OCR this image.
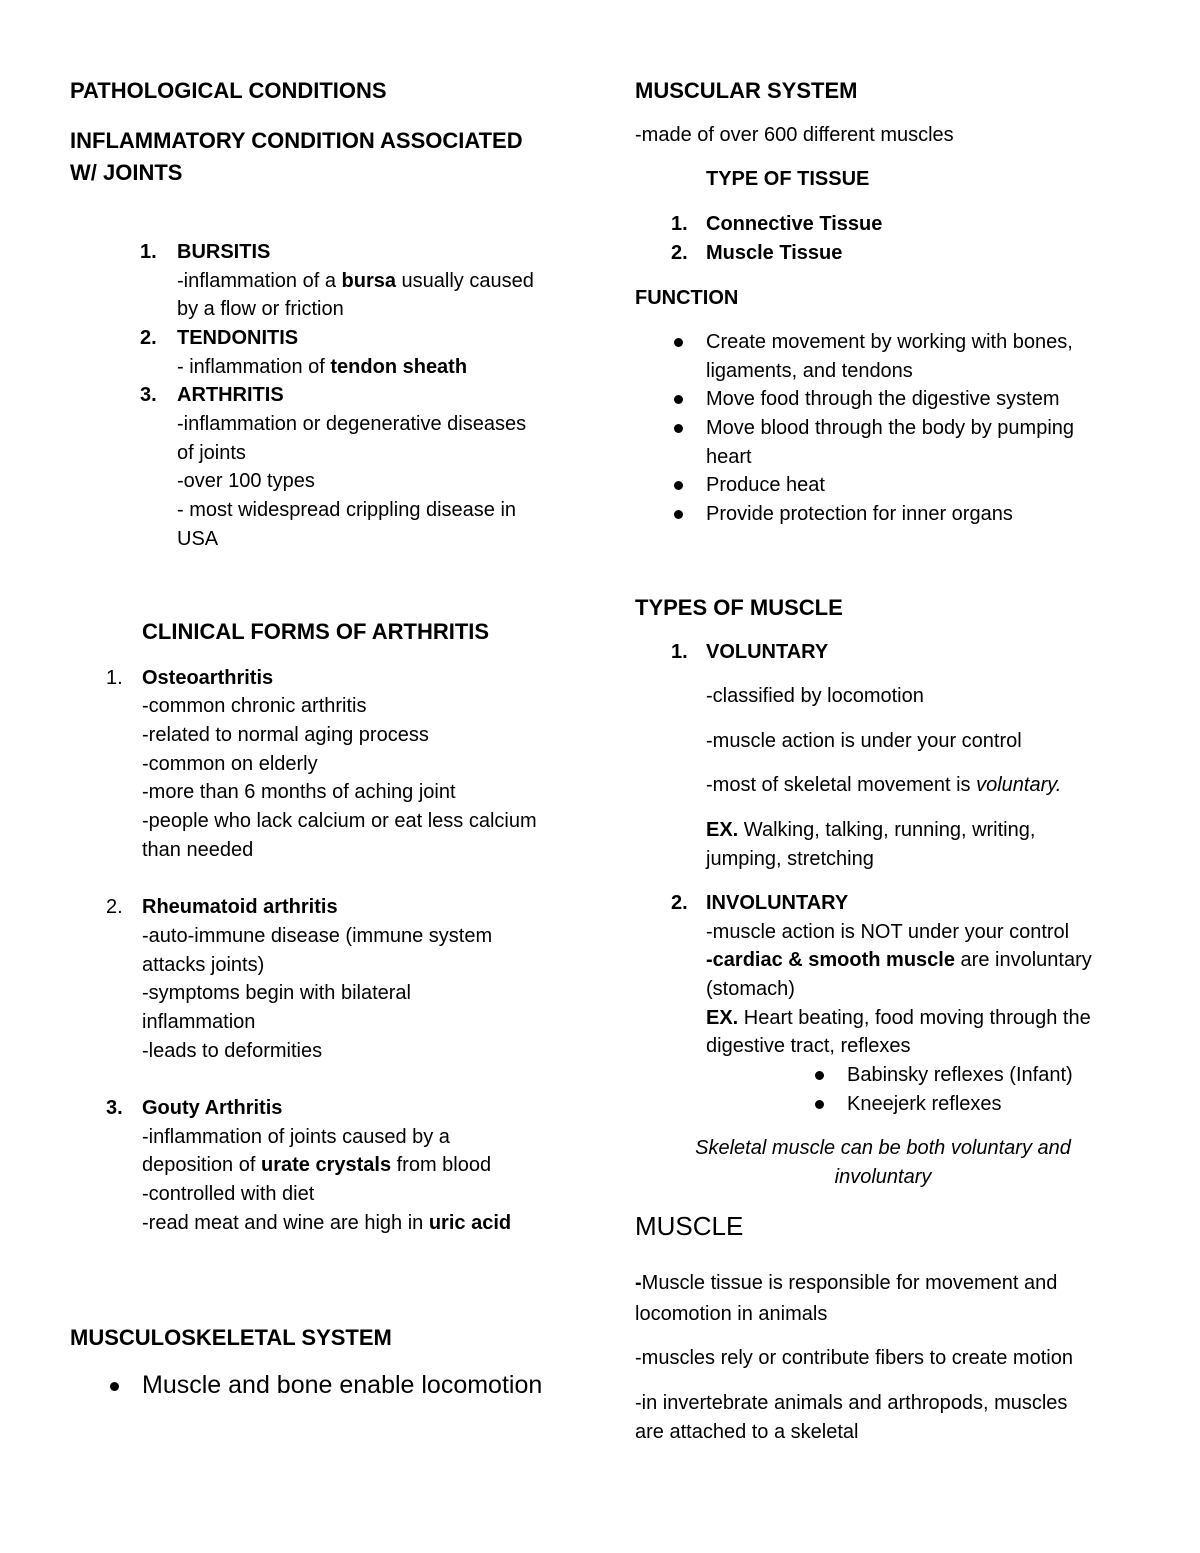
PATHOLOGICAL CONDITIONS
INFLAMMATORY CONDITION ASSOCIATED
W/ JOINTS
1. BURSITIS
-inflammation of a bursa usually caused
by a flow or friction
2. TENDONITIS
- inflammation of tendon sheath
3. ARTHRITIS
-inflammation or degenerative diseases
of joints
-over 100 types
- most widespread crippling disease in
USA
CLINICAL FORMS OF ARTHRITIS
1. Osteoarthritis
-common chronic arthritis
-related to normal aging process
-common on elderly
-more than 6 months of aching joint
-people who lack calcium or eat less calcium
than needed
2. Rheumatoid arthritis
-auto-immune disease (immune system
attacks joints)
-symptoms begin with bilateral
inflammation
-leads to deformities
3. Gouty Arthritis
-inflammation of joints caused by a
deposition of urate crystals from blood
-controlled with diet
-read meat and wine are high in uric acid
MUSCULOSKELETAL SYSTEM
Muscle and bone enable locomotion
MUSCULAR SYSTEM
-made of over 600 different muscles
TYPE OF TISSUE
1. Connective Tissue
2. Muscle Tissue
FUNCTION
Create movement by working with bones,
ligaments, and tendons
Move food through the digestive system
Move blood through the body by pumping
heart
Produce heat
Provide protection for inner organs
TYPES OF MUSCLE
1. VOLUNTARY
-classified by locomotion
-muscle action is under your control
-most of skeletal movement is voluntary.
EX. Walking, talking, running, writing,
jumping, stretching
2. INVOLUNTARY
-muscle action is NOT under your control
-cardiac & smooth muscle are involuntary
(stomach)
EX. Heart beating, food moving through the
digestive tract, reflexes
Babinsky reflexes (Infant)
Kneejerk reflexes
Skeletal muscle can be both voluntary and
involuntary
MUSCLE
-Muscle tissue is responsible for movement and
locomotion in animals
-muscles rely or contribute fibers to create motion
-in invertebrate animals and arthropods, muscles
are attached to a skeletal
